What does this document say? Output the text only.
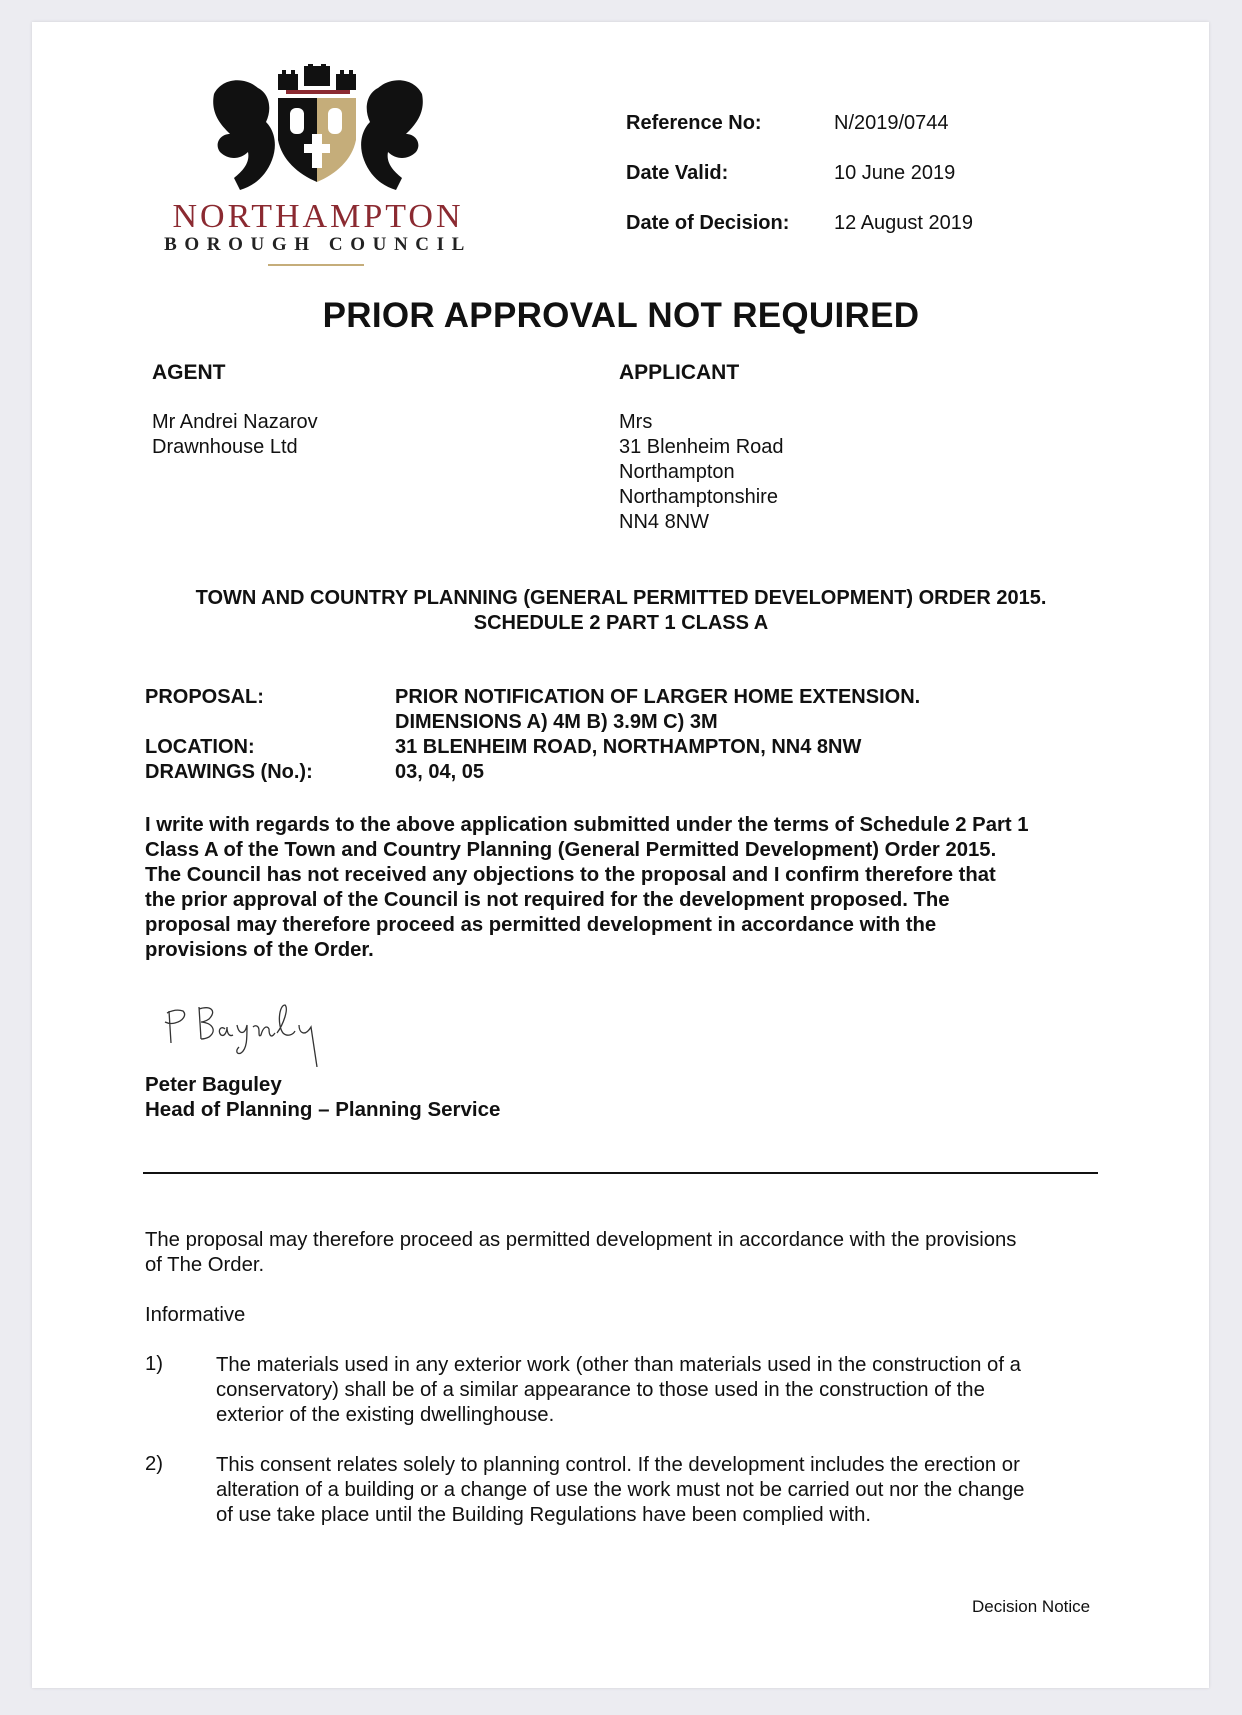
NORTHAMPTON
BOROUGH COUNCIL
Reference No:	N/2019/0744
Date Valid:	10 June 2019
Date of Decision: 12 August 2019
PRIOR APPROVAL NOT REQUIRED
AGENT
Mr Andrei Nazarov
Drawnhouse Ltd
APPLICANT
Mrs
31 Blenheim Road
Northampton
Northamptonshire
NN4 8NW
TOWN AND COUNTRY PLANNING (GENERAL PERMITTED DEVELOPMENT) ORDER 2015.
SCHEDULE 2 PART 1 CLASS A
PROPOSAL:	PRIOR NOTIFICATION OF LARGER HOME EXTENSION.
DIMENSIONS A) 4M B) 3.9M C) 3M
LOCATION:	31 BLENHEIM ROAD, NORTHAMPTON, NN4 8NW
DRAWINGS (No.):	03, 04, 05
I write with regards to the above application submitted under the terms of Schedule 2 Part 1
Class A of the Town and Country Planning (General Permitted Development) Order 2015.
The Council has not received any objections to the proposal and I confirm therefore that
the prior approval of the Council is not required for the development proposed. The
proposal may therefore proceed as permitted development in accordance with the
provisions of the Order.
Peter Baguley
Head of Planning – Planning Service
The proposal may therefore proceed as permitted development in accordance with the provisions
of The Order.
Informative
1)	The materials used in any exterior work (other than materials used in the construction of a
conservatory) shall be of a similar appearance to those used in the construction of the
exterior of the existing dwellinghouse.
2)	This consent relates solely to planning control. If the development includes the erection or
alteration of a building or a change of use the work must not be carried out nor the change
of use take place until the Building Regulations have been complied with.
Decision Notice
